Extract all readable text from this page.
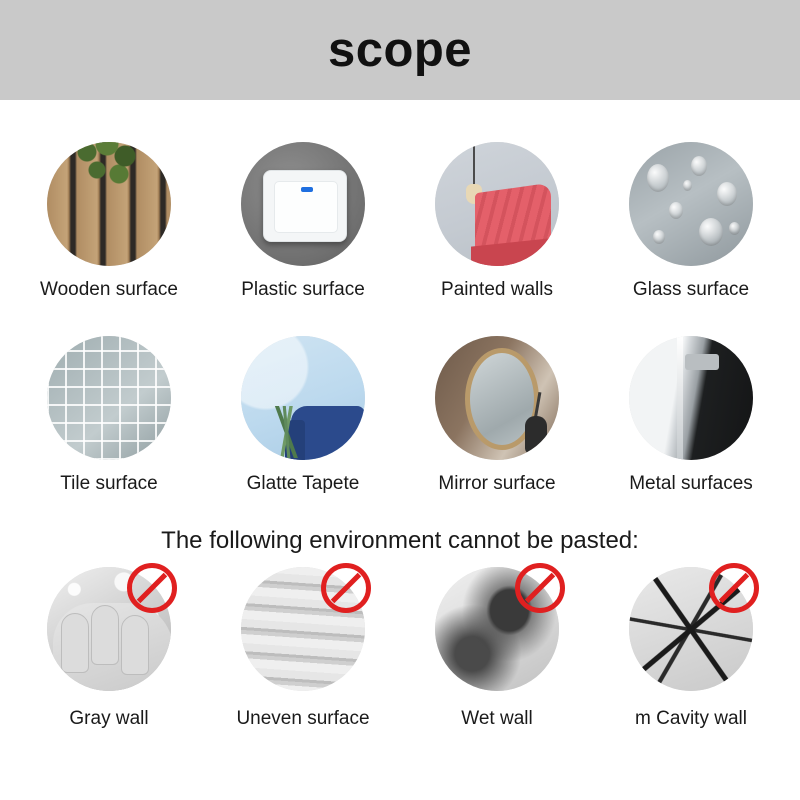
scope
Wooden surface	Plastic surface	Painted walls	Glass surface
Tile surface	Glatte Tapete	Mirror surface	Metal surfaces
The following environment cannot be pasted:
Gray wall	Uneven surface	Wet wall	m Cavity wall
